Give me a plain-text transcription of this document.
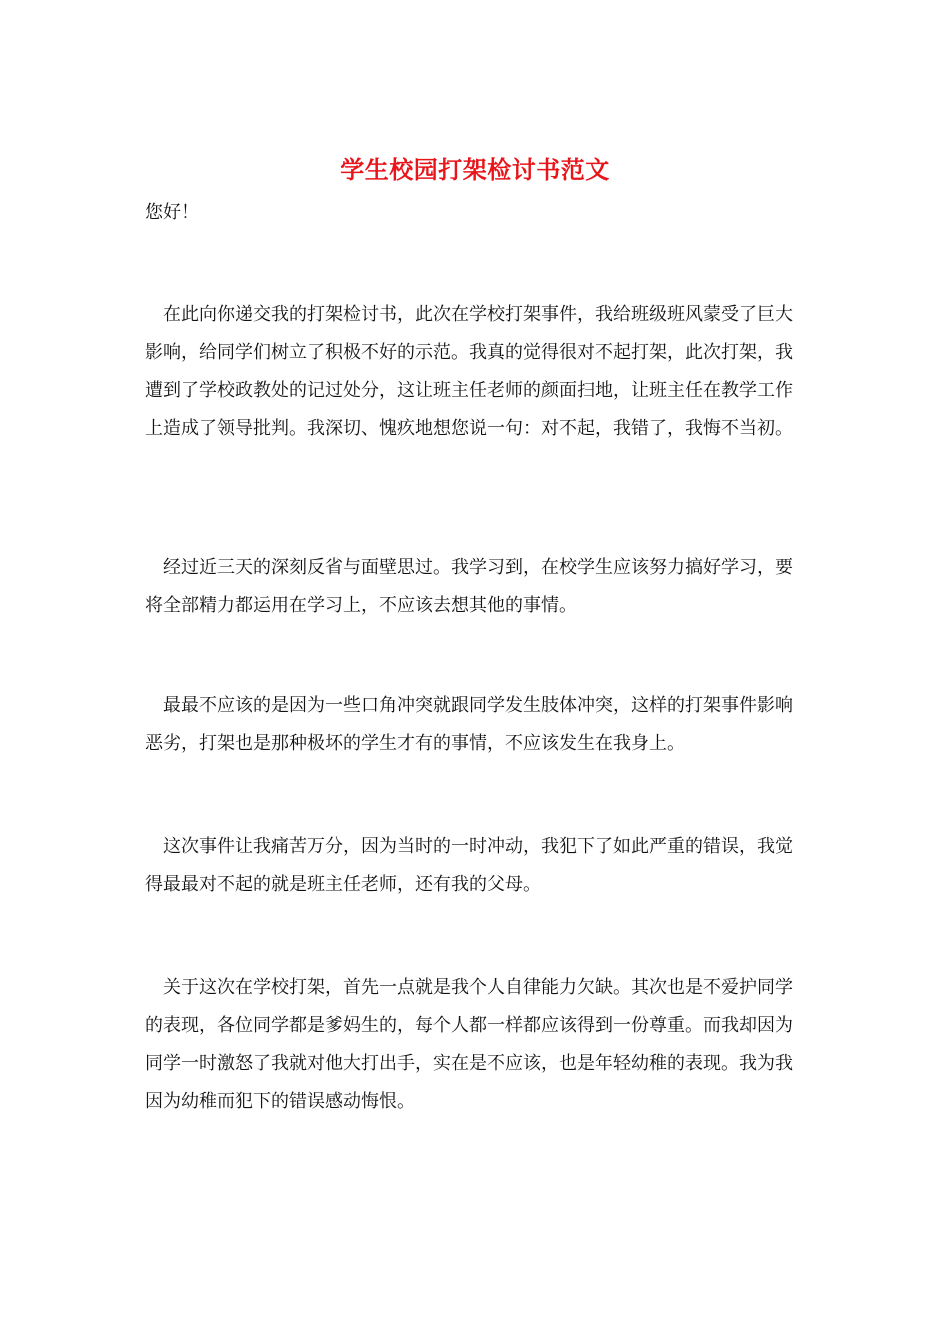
学生校园打架检讨书范文

您好！

在此向你递交我的打架检讨书，此次在学校打架事件，我给班级班风蒙受了巨大影响，给同学们树立了积极不好的示范。我真的觉得很对不起打架，此次打架，我遭到了学校政教处的记过处分，这让班主任老师的颜面扫地，让班主任在教学工作上造成了领导批判。我深切、愧疚地想您说一句：对不起，我错了，我悔不当初。

经过近三天的深刻反省与面壁思过。我学习到，在校学生应该努力搞好学习，要将全部精力都运用在学习上，不应该去想其他的事情。

最最不应该的是因为一些口角冲突就跟同学发生肢体冲突，这样的打架事件影响恶劣，打架也是那种极坏的学生才有的事情，不应该发生在我身上。

这次事件让我痛苦万分，因为当时的一时冲动，我犯下了如此严重的错误，我觉得最最对不起的就是班主任老师，还有我的父母。

关于这次在学校打架，首先一点就是我个人自律能力欠缺。其次也是不爱护同学的表现，各位同学都是爹妈生的，每个人都一样都应该得到一份尊重。而我却因为同学一时激怒了我就对他大打出手，实在是不应该，也是年轻幼稚的表现。我为我因为幼稚而犯下的错误感动悔恨。
